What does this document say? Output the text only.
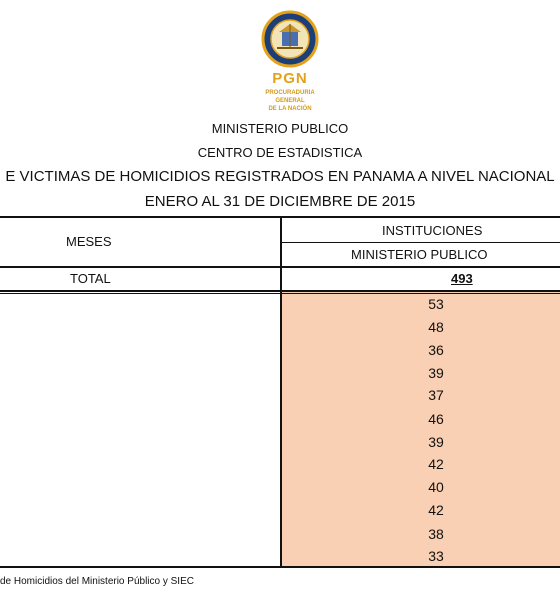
PGN
PROCURADURIA
GENERAL
DE LA NACIÓN
MINISTERIO PUBLICO
CENTRO DE ESTADISTICA
E VICTIMAS DE HOMICIDIOS REGISTRADOS EN PANAMA A NIVEL NACIONAL
ENERO AL 31 DE DICIEMBRE DE 2015
MESES
INSTITUCIONES
MINISTERIO PUBLICO
TOTAL	493
53
48
36
39
37
46
39
42
40
42
38
33
de Homicidios del Ministerio Público y SIEC
